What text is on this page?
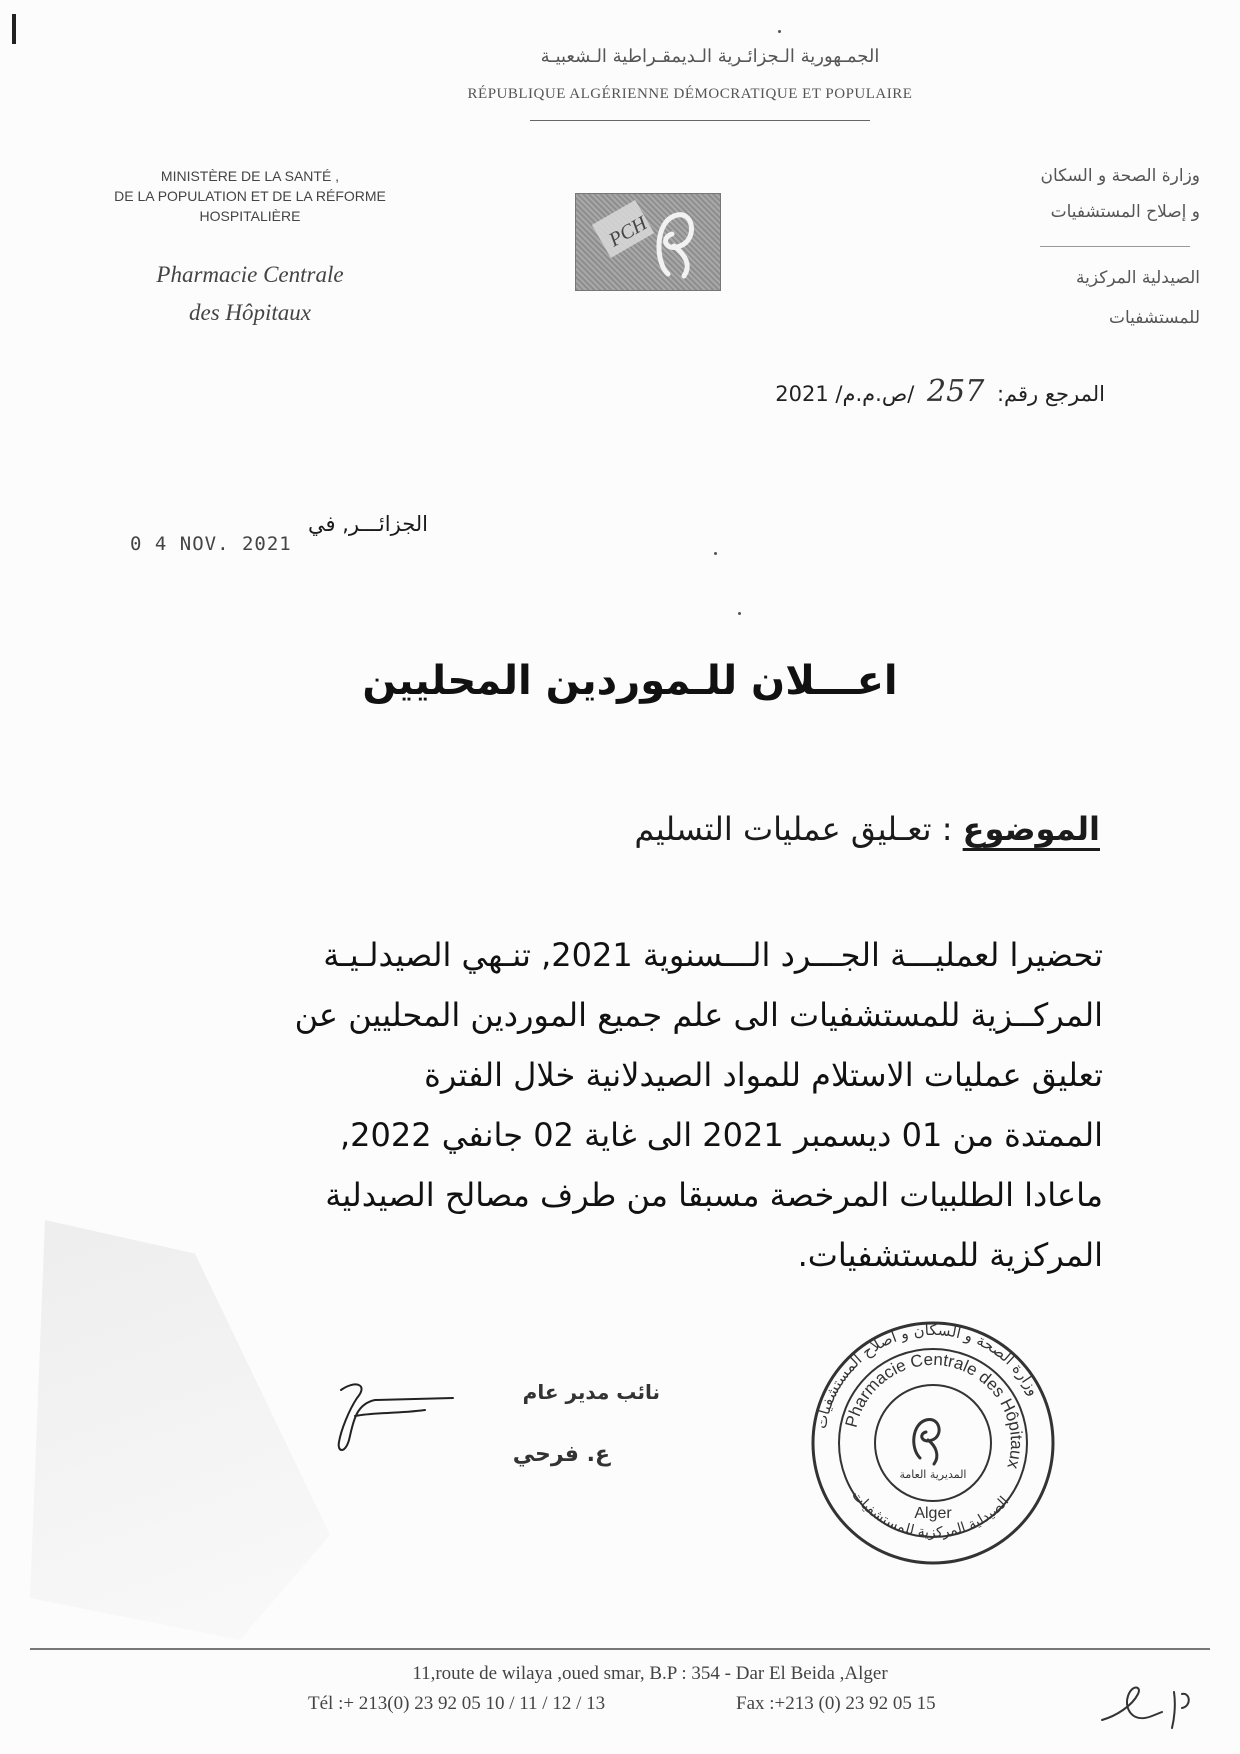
الجمـهورية الـجزائـرية الـديمقـراطية الـشعبيـة
RÉPUBLIQUE ALGÉRIENNE DÉMOCRATIQUE ET POPULAIRE
MINISTÈRE DE LA SANTÉ ,
DE LA POPULATION ET DE LA RÉFORME
HOSPITALIÈRE
Pharmacie Centrale
des Hôpitaux
PCH
وزارة الصحة و السكان
و إصلاح المستشفيات
الصيدلية المركزية
للمستشفيات
المرجع رقم: 257 /ص.م.م/ 2021
الجزائـــر, في
0 4 NOV. 2021
اعـــلان للـموردين المحليين
الموضوع : تعـليق عمليات التسليم
تحضيرا لعمليـــة الجـــرد الـــسنوية 2021, تنـهي الصيدلـيـة
المركــزية للمستشفيات الى علم جميع الموردين المحليين عن
تعليق عمليات الاستلام للمواد الصيدلانية خلال الفترة
الممتدة من 01 ديسمبر 2021 الى غاية 02 جانفي 2022,
ماعادا الطلبيات المرخصة مسبقا من طرف مصالح الصيدلية
المركزية للمستشفيات.
نائب مدير عام
ع. فرحي
وزارة الصحة و السكان و اصلاح المستشفيات
الصيدلية المركزية للمستشفيات
Pharmacie Centrale des Hôpitaux
Alger
المديرية العامة
11,route de wilaya ,oued smar, B.P : 354 - Dar El Beida ,Alger
Tél :+ 213(0) 23 92 05 10 / 11 / 12 / 13	Fax :+213 (0) 23 92 05 15
